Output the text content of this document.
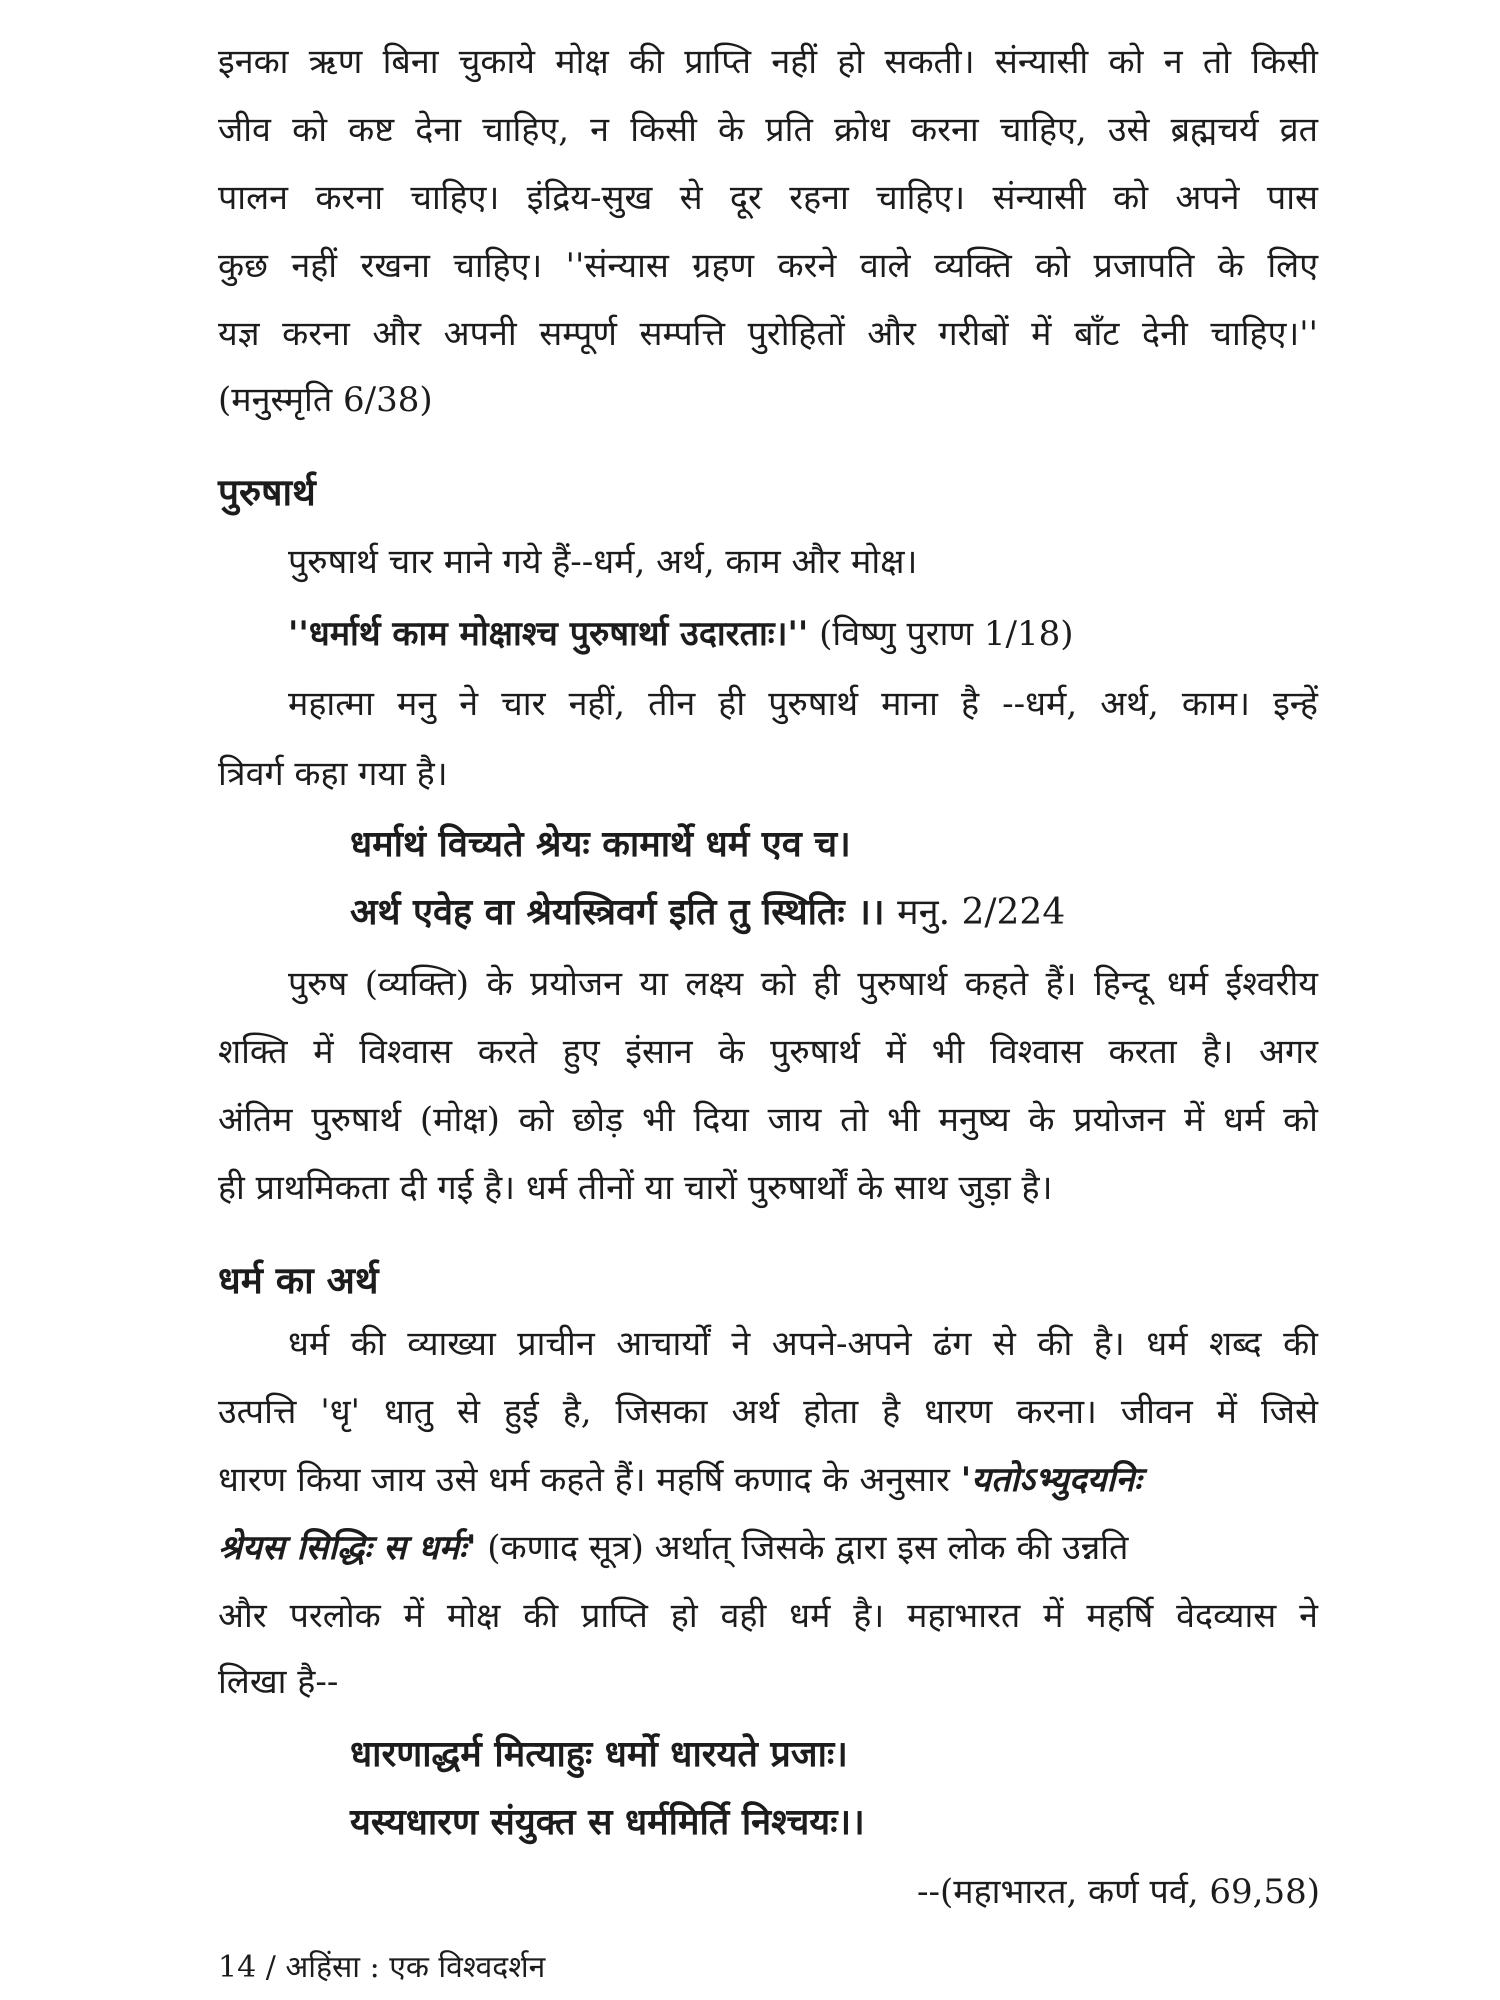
इनका ऋण बिना चुकाये मोक्ष की प्राप्ति नहीं हो सकती। संन्यासी को न तो किसी

जीव को कष्ट देना चाहिए, न किसी के प्रति क्रोध करना चाहिए, उसे ब्रह्मचर्य व्रत

पालन करना चाहिए। इंद्रिय-सुख से दूर रहना चाहिए। संन्यासी को अपने पास

कुछ नहीं रखना चाहिए। ''संन्यास ग्रहण करने वाले व्यक्ति को प्रजापति के लिए

यज्ञ करना और अपनी सम्पूर्ण सम्पत्ति पुरोहितों और गरीबों में बाँट देनी चाहिए।''

(मनुस्मृति 6/38)

पुरुषार्थ

पुरुषार्थ चार माने गये हैं--धर्म, अर्थ, काम और मोक्ष।

''धर्मार्थ काम मोक्षाश्च पुरुषार्था उदारताः।'' (विष्णु पुराण 1/18)

महात्मा मनु ने चार नहीं, तीन ही पुरुषार्थ माना है --धर्म, अर्थ, काम। इन्हें

त्रिवर्ग कहा गया है।

धर्माथं विच्यते श्रेयः कामार्थे धर्म एव च।

अर्थ एवेह वा श्रेयस्त्रिवर्ग इति तु स्थितिः ।। मनु. 2/224

पुरुष (व्यक्ति) के प्रयोजन या लक्ष्य को ही पुरुषार्थ कहते हैं। हिन्दू धर्म ईश्वरीय

शक्ति में विश्वास करते हुए इंसान के पुरुषार्थ में भी विश्वास करता है। अगर

अंतिम पुरुषार्थ (मोक्ष) को छोड़ भी दिया जाय तो भी मनुष्य के प्रयोजन में धर्म को

ही प्राथमिकता दी गई है। धर्म तीनों या चारों पुरुषार्थों के साथ जुड़ा है।

धर्म का अर्थ

धर्म की व्याख्या प्राचीन आचार्यों ने अपने-अपने ढंग से की है। धर्म शब्द की

उत्पत्ति 'धृ' धातु से हुई है, जिसका अर्थ होता है धारण करना। जीवन में जिसे

धारण किया जाय उसे धर्म कहते हैं। महर्षि कणाद के अनुसार 'यतोऽभ्युदयनिः

श्रेयस सिद्धिः स धर्मः' (कणाद सूत्र) अर्थात् जिसके द्वारा इस लोक की उन्नति

और परलोक में मोक्ष की प्राप्ति हो वही धर्म है। महाभारत में महर्षि वेदव्यास ने

लिखा है--

धारणाद्धर्म मित्याहुः धर्मो धारयते प्रजाः।

यस्यधारण संयुक्त स धर्ममिर्ति निश्चयः।।

--(महाभारत, कर्ण पर्व, 69,58)

14 / अहिंसा : एक विश्वदर्शन
